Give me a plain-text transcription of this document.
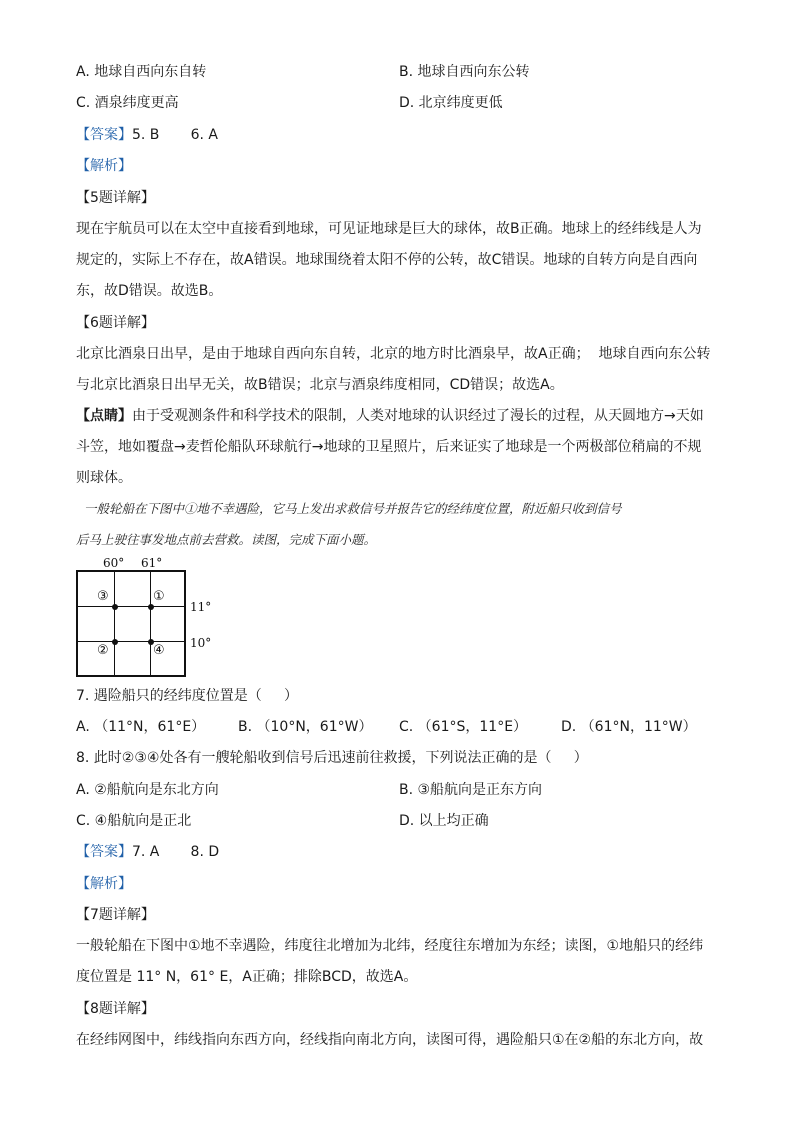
A. 地球自西向东自转	B. 地球自西向东公转
C. 酒泉纬度更高	D. 北京纬度更低
【答案】5. B       6. A
【解析】
【5题详解】
现在宇航员可以在太空中直接看到地球，可见证地球是巨大的球体，故B正确。地球上的经纬线是人为
规定的，实际上不存在，故A错误。地球围绕着太阳不停的公转，故C错误。地球的自转方向是自西向
东，故D错误。故选B。
【6题详解】
北京比酒泉日出早，是由于地球自西向东自转，北京的地方时比酒泉早，故A正确；  地球自西向东公转
与北京比酒泉日出早无关，故B错误；北京与酒泉纬度相同，CD错误；故选A。
【点睛】由于受观测条件和科学技术的限制，人类对地球的认识经过了漫长的过程，从天圆地方→天如
斗笠，地如覆盘→麦哲伦船队环球航行→地球的卫星照片，后来证实了地球是一个两极部位稍扁的不规
则球体。
一般轮船在下图中①地不幸遇险，它马上发出求救信号并报告它的经纬度位置，附近船只收到信号
后马上驶往事发地点前去营救。读图，完成下面小题。
60° 61°
11°
10°
③	①
②	④
7. 遇险船只的经纬度位置是（     ）
A. （11°N，61°E） B. （10°N，61°W） C. （61°S，11°E） D. （61°N，11°W）
8. 此时②③④处各有一艘轮船收到信号后迅速前往救援，下列说法正确的是（     ）
A. ②船航向是东北方向	B. ③船航向是正东方向
C. ④船航向是正北	D. 以上均正确
【答案】7. A       8. D
【解析】
【7题详解】
一般轮船在下图中①地不幸遇险，纬度往北增加为北纬，经度往东增加为东经；读图，①地船只的经纬
度位置是 11° N，61° E，A正确；排除BCD，故选A。
【8题详解】
在经纬网图中，纬线指向东西方向，经线指向南北方向，读图可得，遇险船只①在②船的东北方向，故
